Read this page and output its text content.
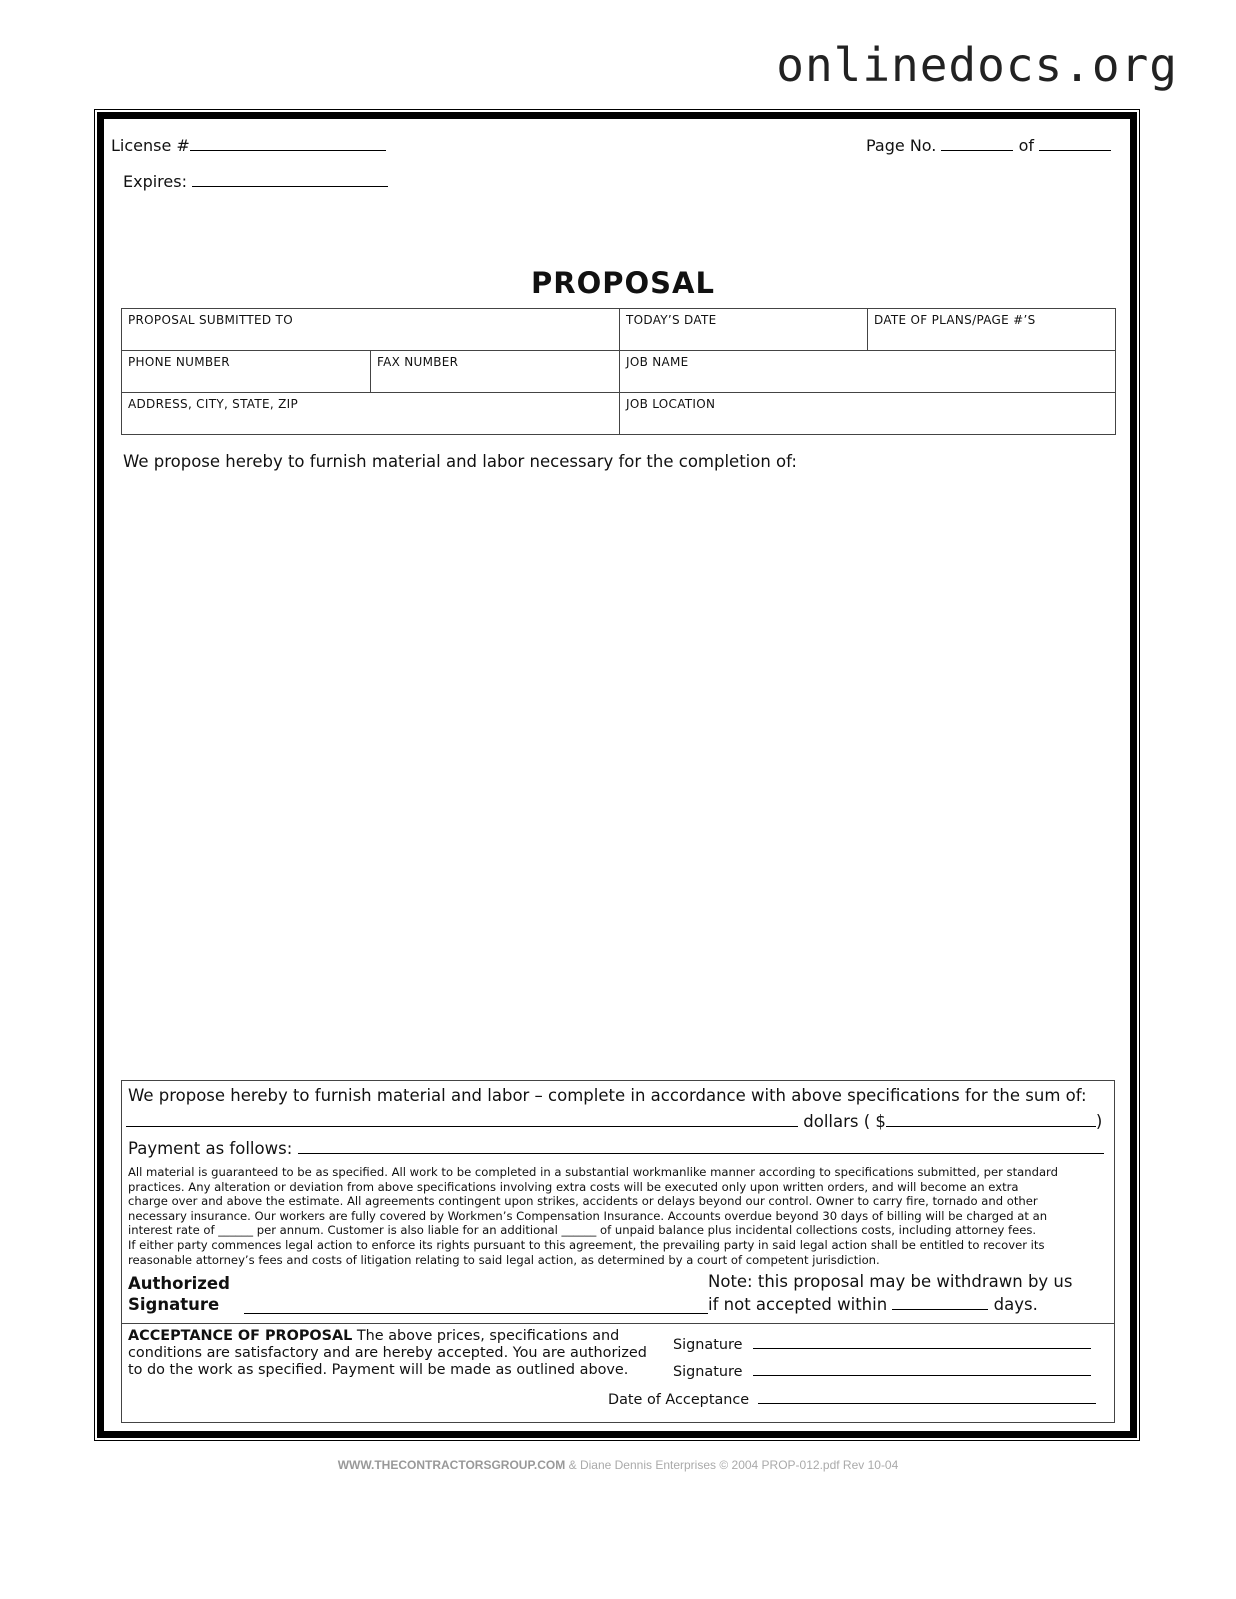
onlinedocs.org
License #
Expires:
Page No.	of
PROPOSAL
PROPOSAL SUBMITTED TO		TODAY’S DATE	DATE OF PLANS/PAGE #’S
PHONE NUMBER	FAX NUMBER	JOB NAME	
ADDRESS, CITY, STATE, ZIP		JOB LOCATION	
We propose hereby to furnish material and labor necessary for the completion of:
We propose hereby to furnish material and labor – complete in accordance with above specifications for the sum of:
dollars ( $	)
Payment as follows:
All material is guaranteed to be as specified. All work to be completed in a substantial workmanlike manner according to specifications submitted, per standard
practices. Any alteration or deviation from above specifications involving extra costs will be executed only upon written orders, and will become an extra
charge over and above the estimate. All agreements contingent upon strikes, accidents or delays beyond our control. Owner to carry fire, tornado and other
necessary insurance. Our workers are fully covered by Workmen’s Compensation Insurance. Accounts overdue beyond 30 days of billing will be charged at an
interest rate of ______ per annum. Customer is also liable for an additional ______ of unpaid balance plus incidental collections costs, including attorney fees.
If either party commences legal action to enforce its rights pursuant to this agreement, the prevailing party in said legal action shall be entitled to recover its
reasonable attorney’s fees and costs of litigation relating to said legal action, as determined by a court of competent jurisdiction.
Authorized
Signature
Note: this proposal may be withdrawn by us
if not accepted within	days.
ACCEPTANCE OF PROPOSAL The above prices, specifications and
conditions are satisfactory and are hereby accepted. You are authorized
to do the work as specified. Payment will be made as outlined above.
Signature
Signature
Date of Acceptance
WWW.THECONTRACTORSGROUP.COM & Diane Dennis Enterprises © 2004 PROP-012.pdf Rev 10-04
